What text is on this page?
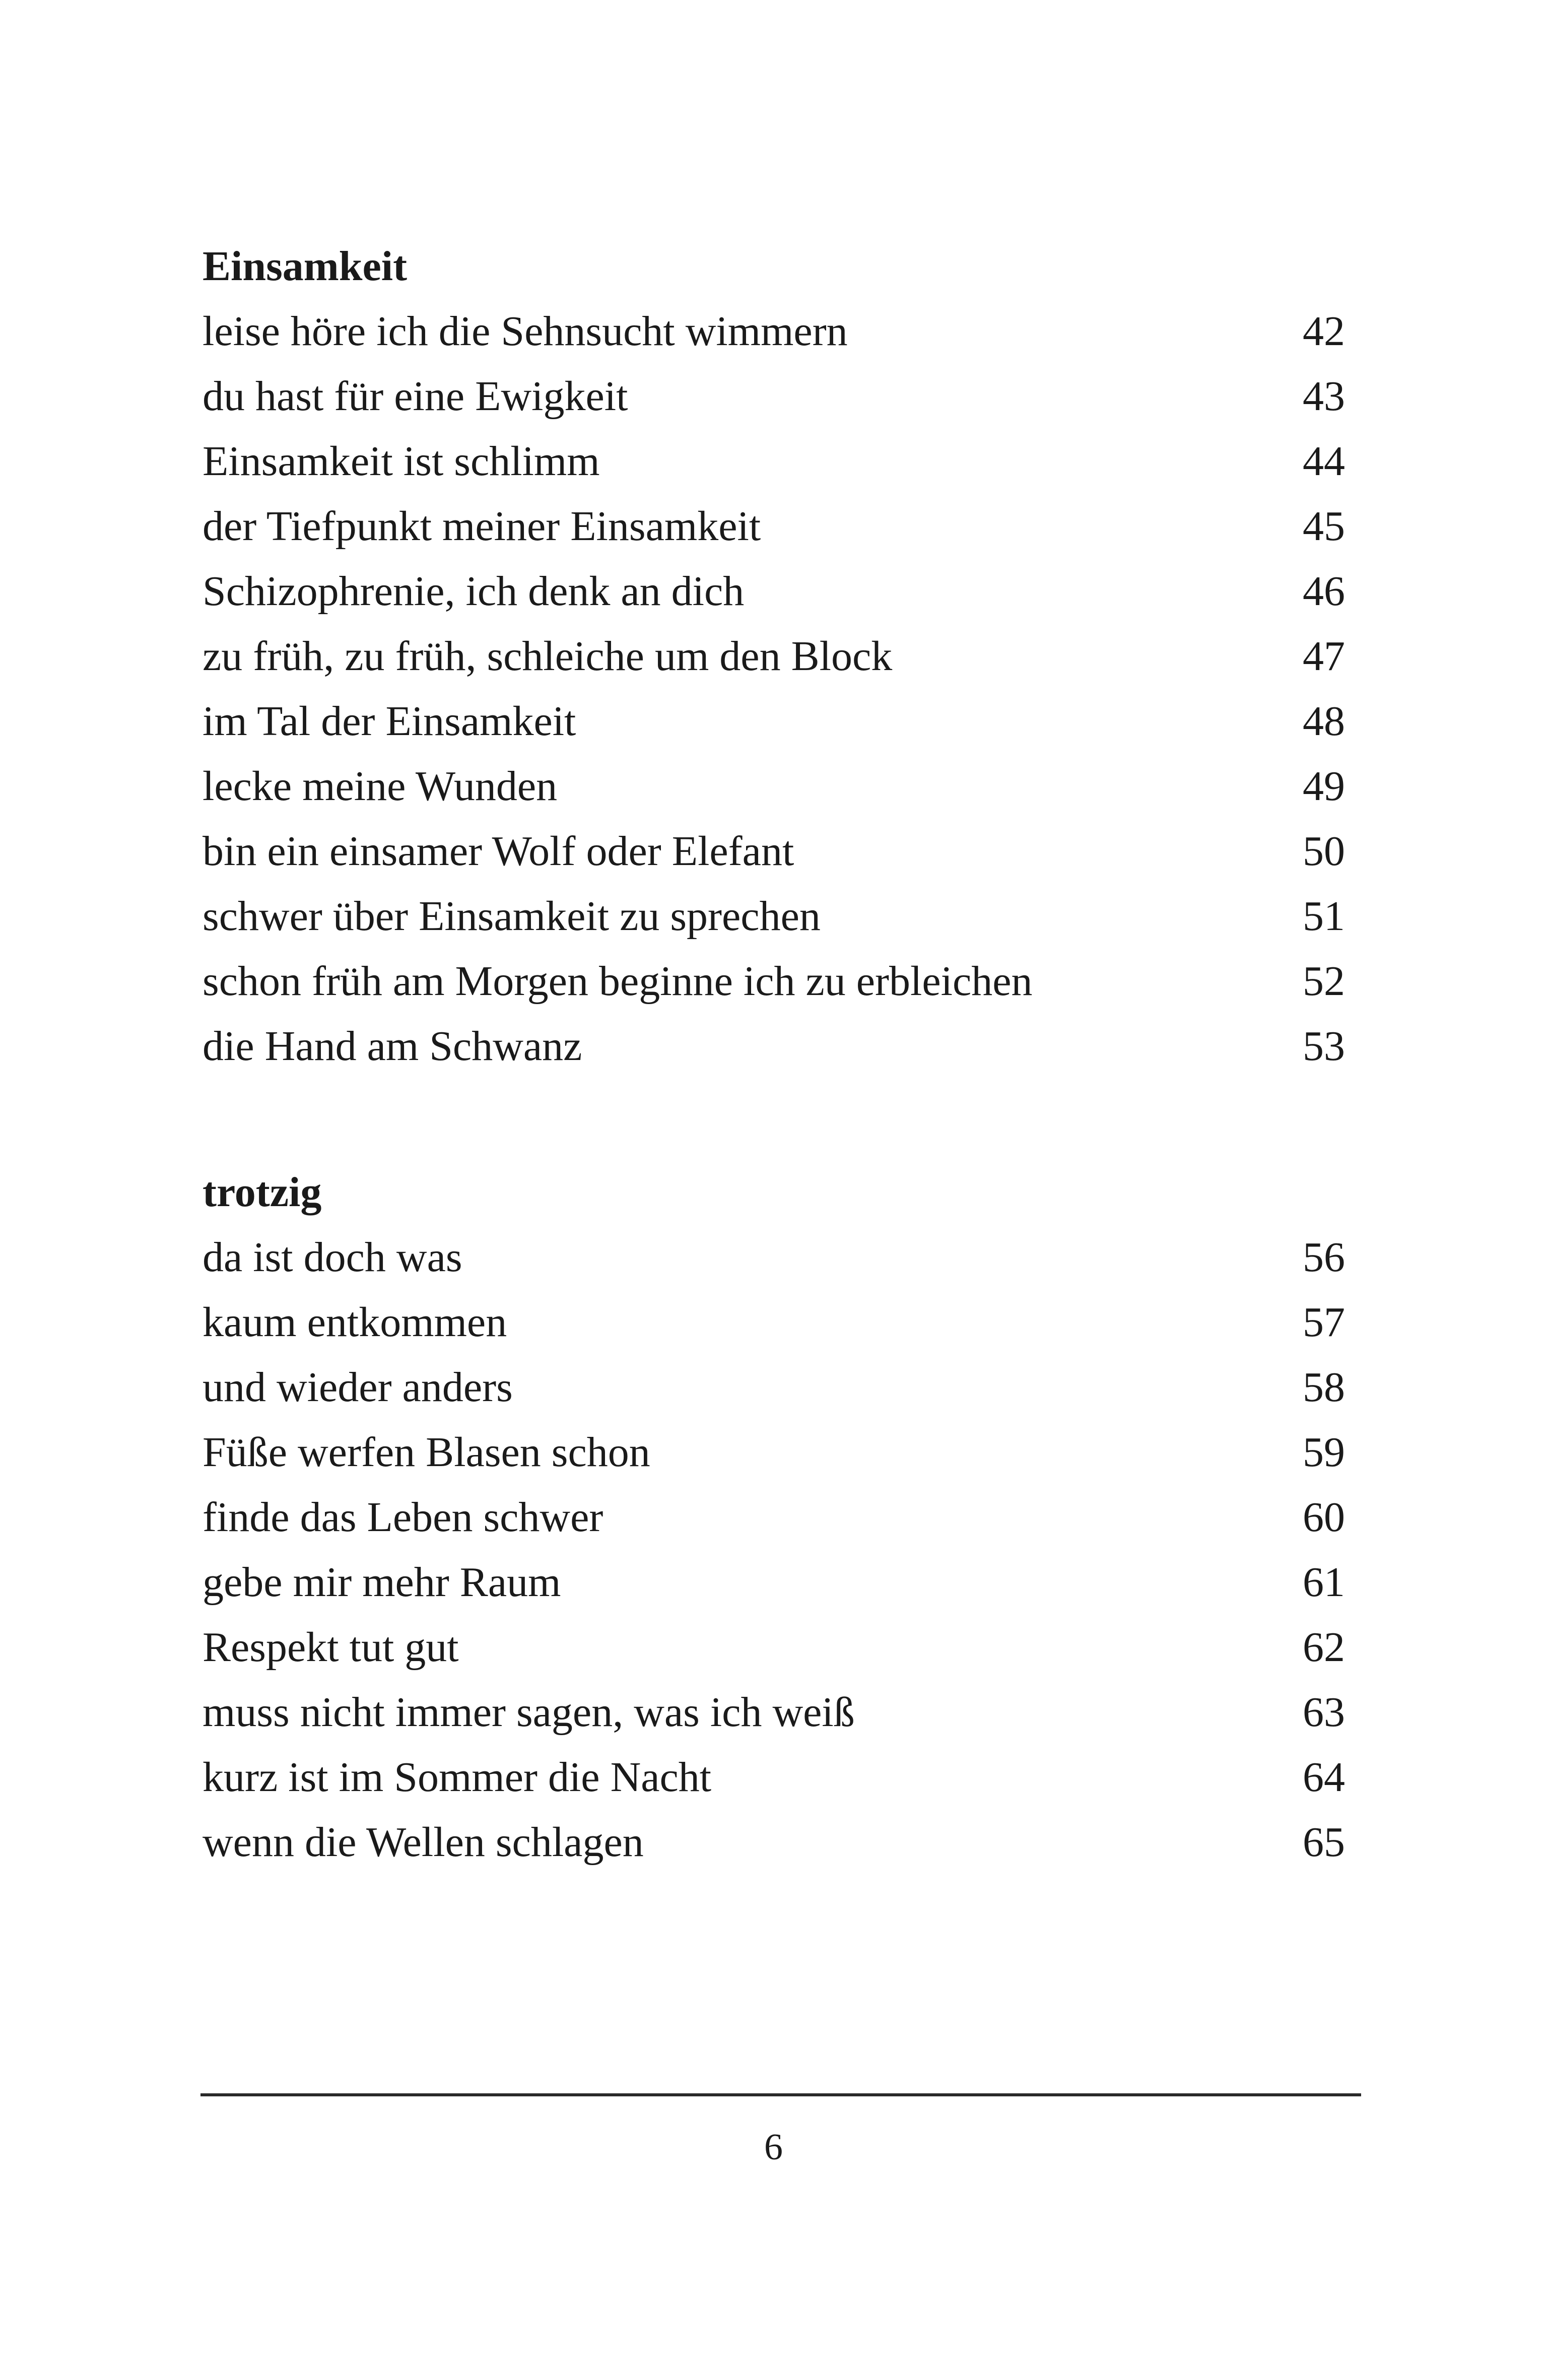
Einsamkeit
leise höre ich die Sehnsucht wimmern	42
du hast für eine Ewigkeit	43
Einsamkeit ist schlimm	44
der Tiefpunkt meiner Einsamkeit	45
Schizophrenie, ich denk an dich	46
zu früh, zu früh, schleiche um den Block	47
im Tal der Einsamkeit	48
lecke meine Wunden	49
bin ein einsamer Wolf oder Elefant	50
schwer über Einsamkeit zu sprechen	51
schon früh am Morgen beginne ich zu erbleichen	52
die Hand am Schwanz	53
trotzig
da ist doch was	56
kaum entkommen	57
und wieder anders	58
Füße werfen Blasen schon	59
finde das Leben schwer	60
gebe mir mehr Raum	61
Respekt tut gut	62
muss nicht immer sagen, was ich weiß	63
kurz ist im Sommer die Nacht	64
wenn die Wellen schlagen	65
6
